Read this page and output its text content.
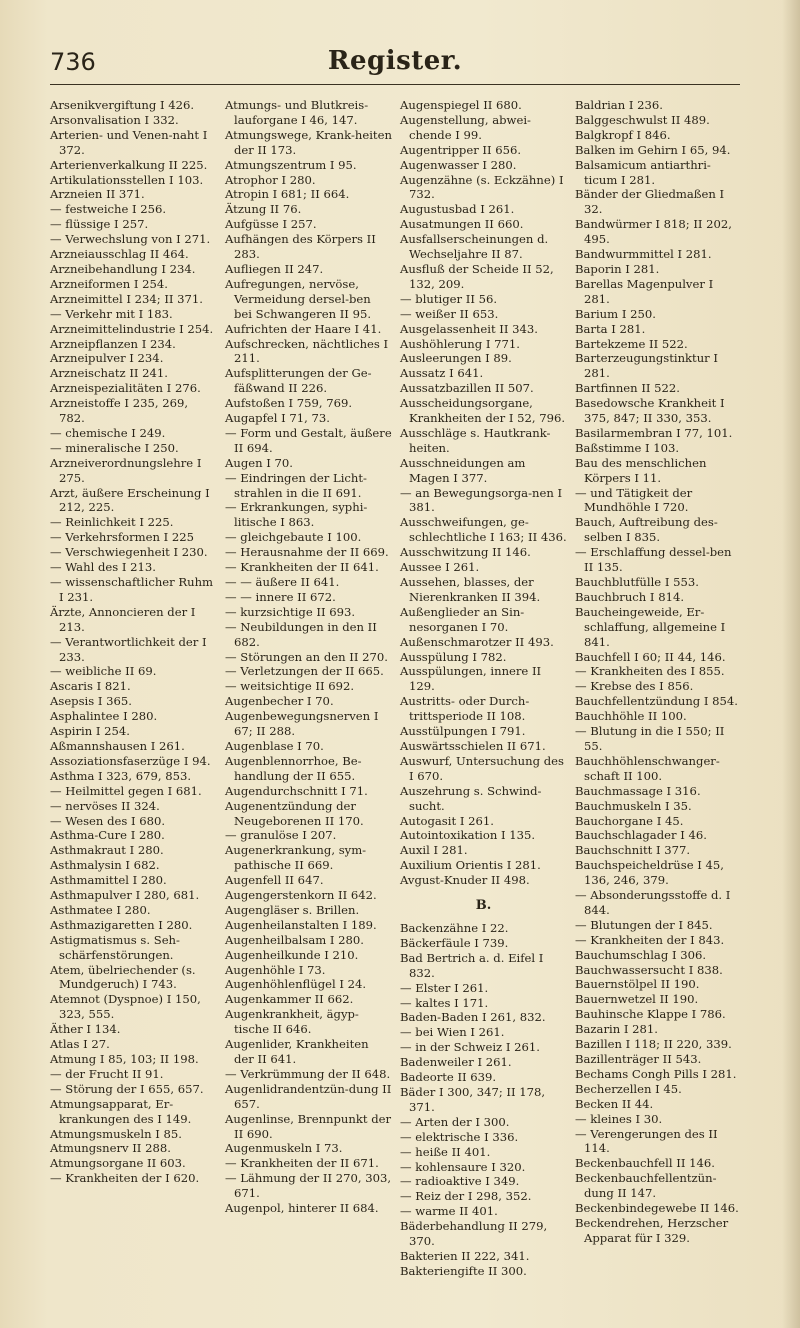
736	Register.
Arsenikvergiftung I 426.
Arsonvalisation I 332.
Arterien- und Venen-naht I 372.
Arterienverkalkung II 225.
Artikulationsstellen I 103.
Arzneien II 371.
— festweiche I 256.
— flüssige I 257.
— Verwechslung von I 271.
Arzneiausschlag II 464.
Arzneibehandlung I 234.
Arzneiformen I 254.
Arzneimittel I 234; II 371.
— Verkehr mit I 183.
Arzneimittelindustrie I 254.
Arzneipflanzen I 234.
Arzneipulver I 234.
Arzneischatz II 241.
Arzneispezialitäten I 276.
Arzneistoffe I 235, 269, 782.
— chemische I 249.
— mineralische I 250.
Arzneiverordnungslehre I 275.
Arzt, äußere Erscheinung I 212, 225.
— Reinlichkeit I 225.
— Verkehrsformen I 225
— Verschwiegenheit I 230.
— Wahl des I 213.
— wissenschaftlicher Ruhm I 231.
Ärzte, Annoncieren der I 213.
— Verantwortlichkeit der I 233.
— weibliche II 69.
Ascaris I 821.
Asepsis I 365.
Asphalintee I 280.
Aspirin I 254.
Aßmannshausen I 261.
Assoziationsfaserzüge I 94.
Asthma I 323, 679, 853.
— Heilmittel gegen I 681.
— nervöses II 324.
— Wesen des I 680.
Asthma-Cure I 280.
Asthmakraut I 280.
Asthmalysin I 682.
Asthmamittel I 280.
Asthmapulver I 280, 681.
Asthmatee I 280.
Asthmazigaretten I 280.
Astigmatismus s. Seh-schärfenstörungen.
Atem, übelriechender (s. Mundgeruch) I 743.
Atemnot (Dyspnoe) I 150, 323, 555.
Äther I 134.
Atlas I 27.
Atmung I 85, 103; II 198.
— der Frucht II 91.
— Störung der I 655, 657.
Atmungsapparat, Er-krankungen des I 149.
Atmungsmuskeln I 85.
Atmungsnerv II 288.
Atmungsorgane II 603.
— Krankheiten der I 620.
Atmungs- und Blutkreis-lauforgane I 46, 147.
Atmungswege, Krank-heiten der II 173.
Atmungszentrum I 95.
Atrophor I 280.
Atropin I 681; II 664.
Ätzung II 76.
Aufgüsse I 257.
Aufhängen des Körpers II 283.
Aufliegen II 247.
Aufregungen, nervöse, Vermeidung dersel-ben bei Schwangeren II 95.
Aufrichten der Haare I 41.
Aufschrecken, nächtliches I 211.
Aufsplitterungen der Ge-fäßwand II 226.
Aufstoßen I 759, 769.
Augapfel I 71, 73.
— Form und Gestalt, äußere II 694.
Augen I 70.
— Eindringen der Licht-strahlen in die II 691.
— Erkrankungen, syphi-litische I 863.
— gleichgebaute I 100.
— Herausnahme der II 669.
— Krankheiten der II 641.
— — äußere II 641.
— — innere II 672.
— kurzsichtige II 693.
— Neubildungen in den II 682.
— Störungen an den II 270.
— Verletzungen der II 665.
— weitsichtige II 692.
Augenbecher I 70.
Augenbewegungsnerven I 67; II 288.
Augenblase I 70.
Augenblennorrhoe, Be-handlung der II 655.
Augendurchschnitt I 71.
Augenentzündung der Neugeborenen II 170.
— granulöse I 207.
Augenerkrankung, sym-pathische II 669.
Augenfell II 647.
Augengerstenkorn II 642.
Augengläser s. Brillen.
Augenheilanstalten I 189.
Augenheilbalsam I 280.
Augenheilkunde I 210.
Augenhöhle I 73.
Augenhöhlenflügel I 24.
Augenkammer II 662.
Augenkrankheit, ägyp-tische II 646.
Augenlider, Krankheiten der II 641.
— Verkrümmung der II 648.
Augenlidrandentzün-dung II 657.
Augenlinse, Brennpunkt der II 690.
Augenmuskeln I 73.
— Krankheiten der II 671.
— Lähmung der II 270, 303, 671.
Augenpol, hinterer II 684.
Augenspiegel II 680.
Augenstellung, abwei-chende I 99.
Augentripper II 656.
Augenwasser I 280.
Augenzähne (s. Eckzähne) I 732.
Augustusbad I 261.
Ausatmungen II 660.
Ausfallserscheinungen d. Wechseljahre II 87.
Ausfluß der Scheide II 52, 132, 209.
— blutiger II 56.
— weißer II 653.
Ausgelassenheit II 343.
Aushöhlerung I 771.
Ausleerungen I 89.
Aussatz I 641.
Aussatzbazillen II 507.
Ausscheidungsorgane, Krankheiten der I 52, 796.
Ausschläge s. Hautkrank-heiten.
Ausschneidungen am Magen I 377.
— an Bewegungsorga-nen I 381.
Ausschweifungen, ge-schlechtliche I 163; II 436.
Ausschwitzung II 146.
Aussee I 261.
Aussehen, blasses, der Nierenkranken II 394.
Außenglieder an Sin-nesorganen I 70.
Außenschmarotzer II 493.
Ausspülung I 782.
Ausspülungen, innere II 129.
Austritts- oder Durch-trittsperiode II 108.
Ausstülpungen I 791.
Auswärtsschielen II 671.
Auswurf, Untersuchung des I 670.
Auszehrung s. Schwind-sucht.
Autogasit I 261.
Autointoxikation I 135.
Auxil I 281.
Auxilium Orientis I 281.
Avgust-Knuder II 498.
B.
Backenzähne I 22.
Bäckerfäule I 739.
Bad Bertrich a. d. Eifel I 832.
— Elster I 261.
— kaltes I 171.
Baden-Baden I 261, 832.
— bei Wien I 261.
— in der Schweiz I 261.
Badenweiler I 261.
Badeorte II 639.
Bäder I 300, 347; II 178, 371.
— Arten der I 300.
— elektrische I 336.
— heiße II 401.
— kohlensaure I 320.
— radioaktive I 349.
— Reiz der I 298, 352.
— warme II 401.
Bäderbehandlung II 279, 370.
Bakterien II 222, 341.
Bakteriengifte II 300.
Baldrian I 236.
Balggeschwulst II 489.
Balgkropf I 846.
Balken im Gehirn I 65, 94.
Balsamicum antiarthri-ticum I 281.
Bänder der Gliedmaßen I 32.
Bandwürmer I 818; II 202, 495.
Bandwurmmittel I 281.
Baporin I 281.
Barellas Magenpulver I 281.
Barium I 250.
Barta I 281.
Bartekzeme II 522.
Barterzeugungstinktur I 281.
Bartfinnen II 522.
Basedowsche Krankheit I 375, 847; II 330, 353.
Basilarmembran I 77, 101.
Baßstimme I 103.
Bau des menschlichen Körpers I 11.
— und Tätigkeit der Mundhöhle I 720.
Bauch, Auftreibung des-selben I 835.
— Erschlaffung dessel-ben II 135.
Bauchblutfülle I 553.
Bauchbruch I 814.
Baucheingeweide, Er-schlaffung, allgemeine I 841.
Bauchfell I 60; II 44, 146.
— Krankheiten des I 855.
— Krebse des I 856.
Bauchfellentzündung I 854.
Bauchhöhle II 100.
— Blutung in die I 550; II 55.
Bauchhöhlenschwanger-schaft II 100.
Bauchmassage I 316.
Bauchmuskeln I 35.
Bauchorgane I 45.
Bauchschlagader I 46.
Bauchschnitt I 377.
Bauchspeicheldrüse I 45, 136, 246, 379.
— Absonderungsstoffe d. I 844.
— Blutungen der I 845.
— Krankheiten der I 843.
Bauchumschlag I 306.
Bauchwassersucht I 838.
Bauernstölpel II 190.
Bauernwetzel II 190.
Bauhinsche Klappe I 786.
Bazarin I 281.
Bazillen I 118; II 220, 339.
Bazillenträger II 543.
Bechams Congh Pills I 281.
Becherzellen I 45.
Becken II 44.
— kleines I 30.
— Verengerungen des II 114.
Beckenbauchfell II 146.
Beckenbauchfellentzün-dung II 147.
Beckenbindegewebe II 146.
Beckendrehen, Herzscher Apparat für I 329.
